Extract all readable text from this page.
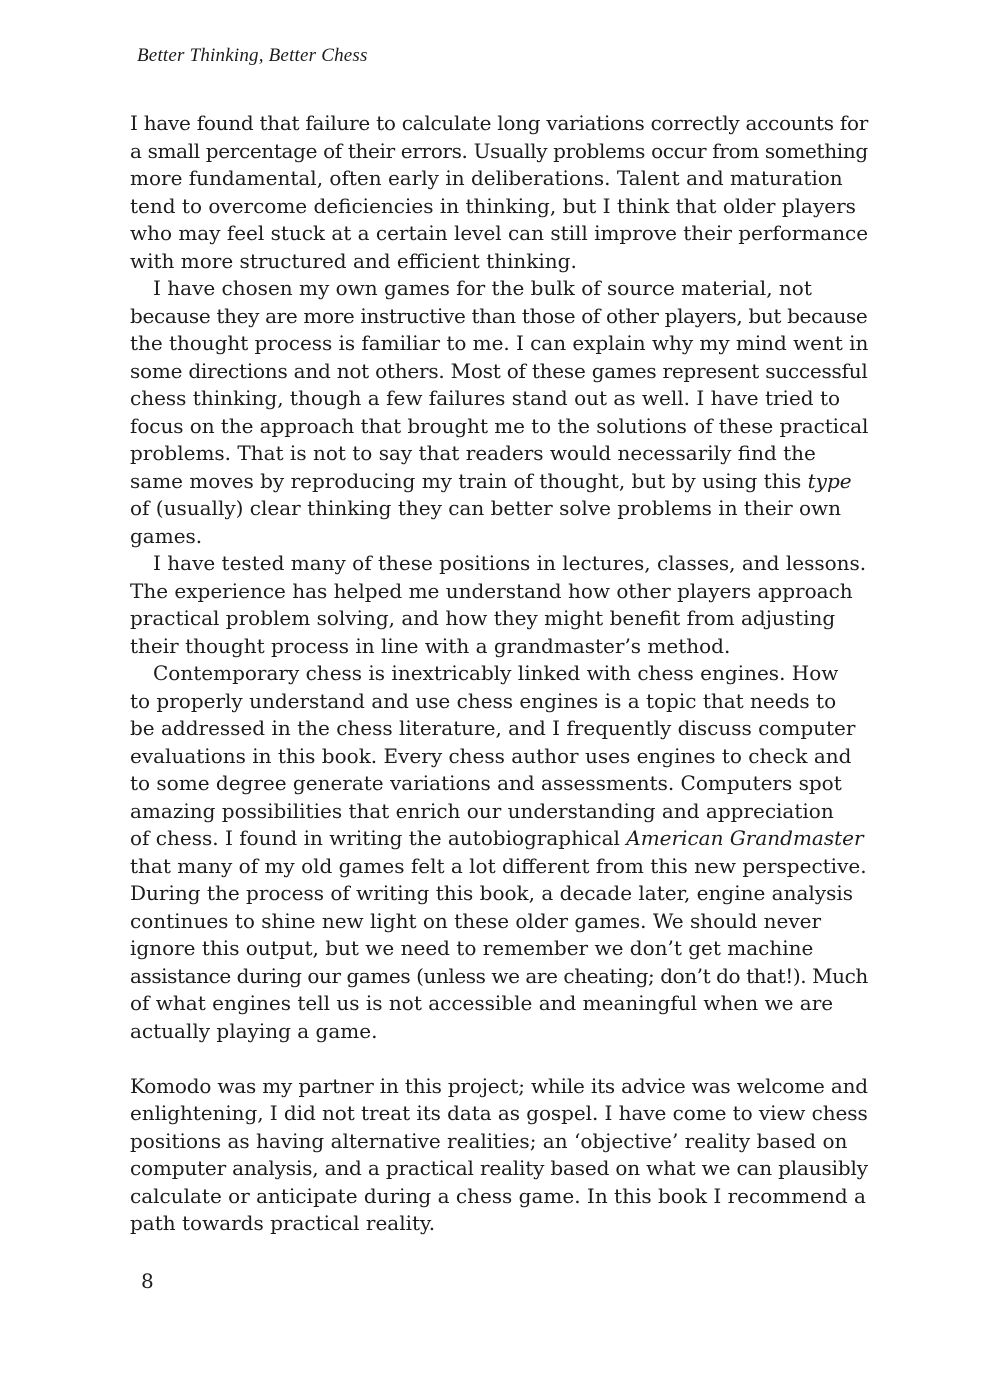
Better Thinking, Better Chess
I have found that failure to calculate long variations correctly accounts for
a small percentage of their errors. Usually problems occur from something
more fundamental, often early in deliberations. Talent and maturation
tend to overcome deficiencies in thinking, but I think that older players
who may feel stuck at a certain level can still improve their performance
with more structured and efficient thinking.
I have chosen my own games for the bulk of source material, not
because they are more instructive than those of other players, but because
the thought process is familiar to me. I can explain why my mind went in
some directions and not others. Most of these games represent successful
chess thinking, though a few failures stand out as well. I have tried to
focus on the approach that brought me to the solutions of these practical
problems. That is not to say that readers would necessarily find the
same moves by reproducing my train of thought, but by using this type
of (usually) clear thinking they can better solve problems in their own
games.
I have tested many of these positions in lectures, classes, and lessons.
The experience has helped me understand how other players approach
practical problem solving, and how they might benefit from adjusting
their thought process in line with a grandmaster’s method.
Contemporary chess is inextricably linked with chess engines. How
to properly understand and use chess engines is a topic that needs to
be addressed in the chess literature, and I frequently discuss computer
evaluations in this book. Every chess author uses engines to check and
to some degree generate variations and assessments. Computers spot
amazing possibilities that enrich our understanding and appreciation
of chess. I found in writing the autobiographical American Grandmaster
that many of my old games felt a lot different from this new perspective.
During the process of writing this book, a decade later, engine analysis
continues to shine new light on these older games. We should never
ignore this output, but we need to remember we don’t get machine
assistance during our games (unless we are cheating; don’t do that!). Much
of what engines tell us is not accessible and meaningful when we are
actually playing a game.
Komodo was my partner in this project; while its advice was welcome and
enlightening, I did not treat its data as gospel. I have come to view chess
positions as having alternative realities; an ‘objective’ reality based on
computer analysis, and a practical reality based on what we can plausibly
calculate or anticipate during a chess game. In this book I recommend a
path towards practical reality.
8
